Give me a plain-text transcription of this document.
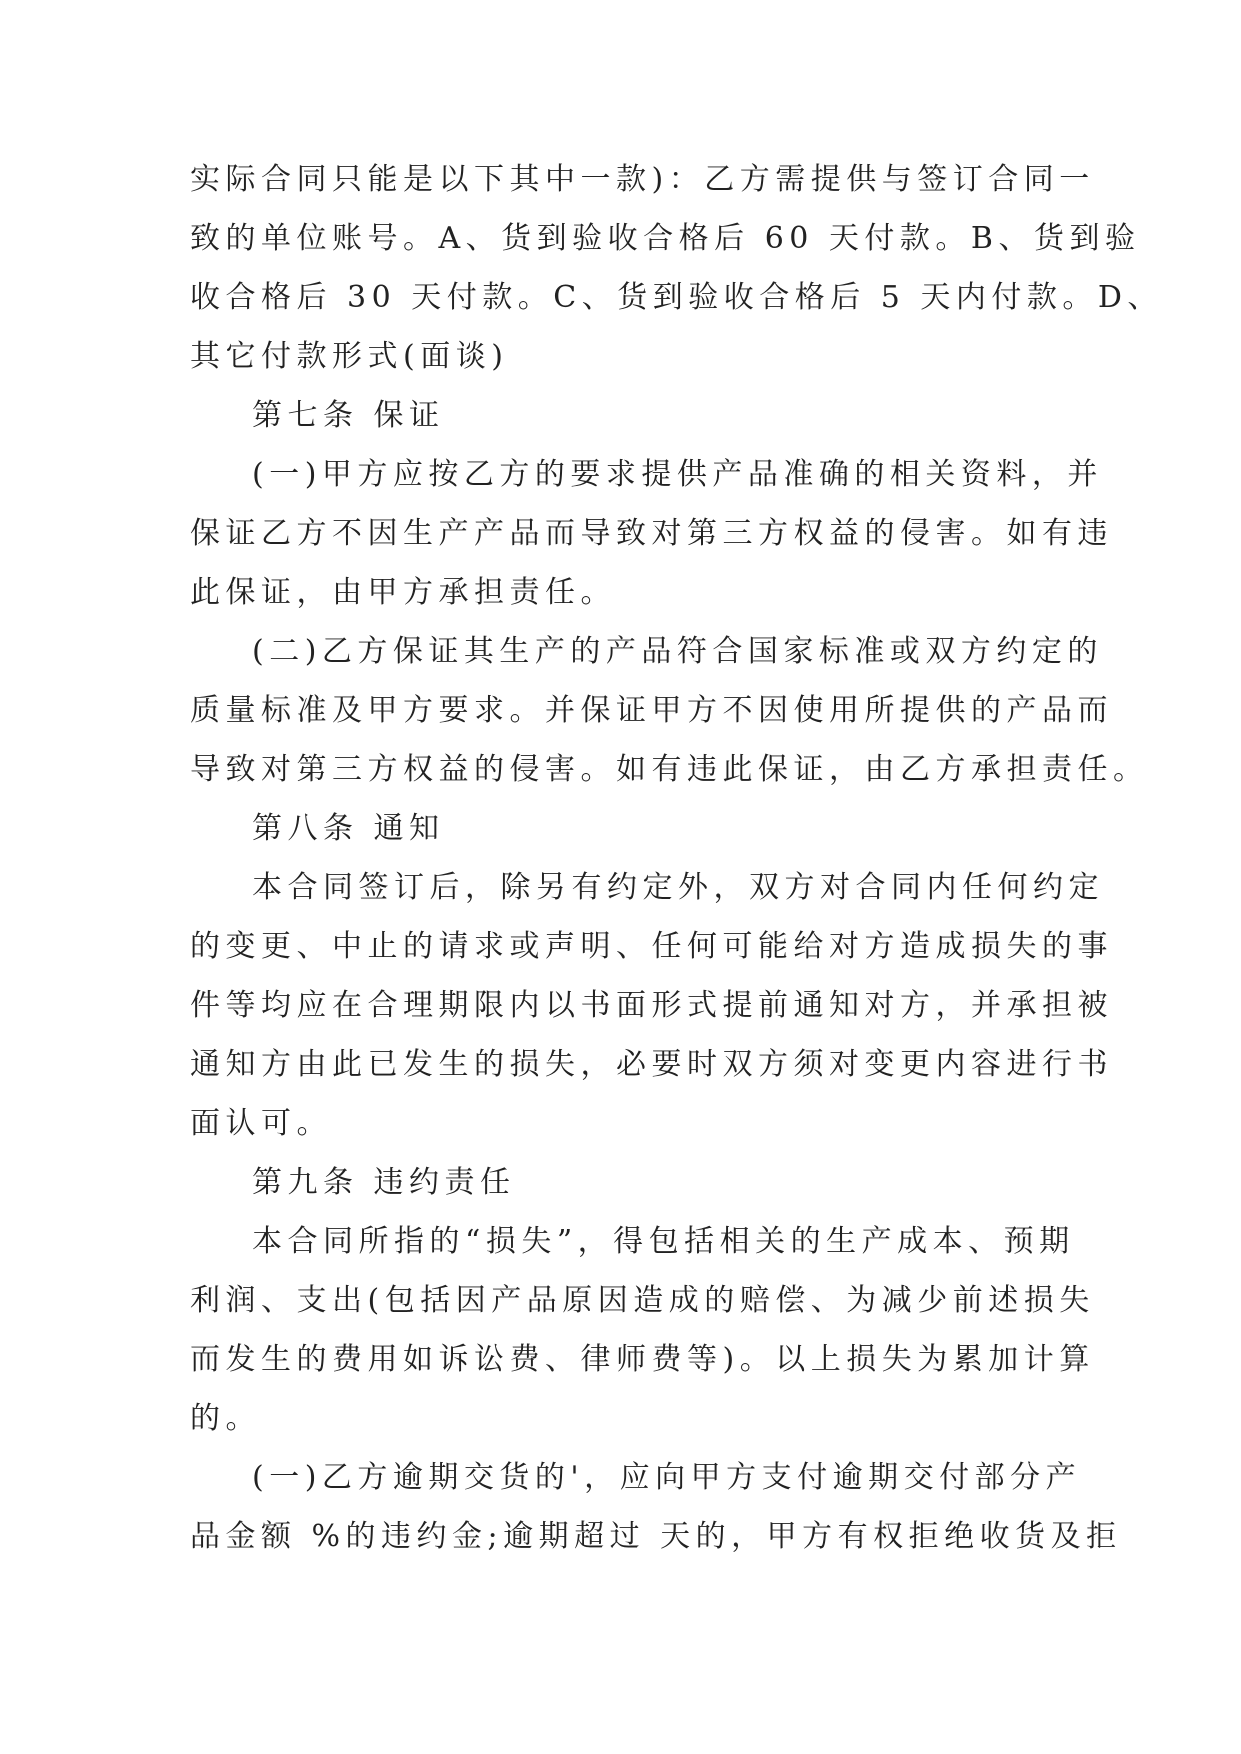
实际合同只能是以下其中一款)：乙方需提供与签订合同一
致的单位账号。A、货到验收合格后 60 天付款。B、货到验
收合格后 30 天付款。C、货到验收合格后 5 天内付款。D、
其它付款形式(面谈)
第七条 保证
(一)甲方应按乙方的要求提供产品准确的相关资料，并
保证乙方不因生产产品而导致对第三方权益的侵害。如有违
此保证，由甲方承担责任。
(二)乙方保证其生产的产品符合国家标准或双方约定的
质量标准及甲方要求。并保证甲方不因使用所提供的产品而
导致对第三方权益的侵害。如有违此保证，由乙方承担责任。
第八条 通知
本合同签订后，除另有约定外，双方对合同内任何约定
的变更、中止的请求或声明、任何可能给对方造成损失的事
件等均应在合理期限内以书面形式提前通知对方，并承担被
通知方由此已发生的损失，必要时双方须对变更内容进行书
面认可。
第九条 违约责任
本合同所指的“损失”，得包括相关的生产成本、预期
利润、支出(包括因产品原因造成的赔偿、为减少前述损失
而发生的费用如诉讼费、律师费等)。以上损失为累加计算
的。
(一)乙方逾期交货的'，应向甲方支付逾期交付部分产
品金额 %的违约金;逾期超过 天的，甲方有权拒绝收货及拒
